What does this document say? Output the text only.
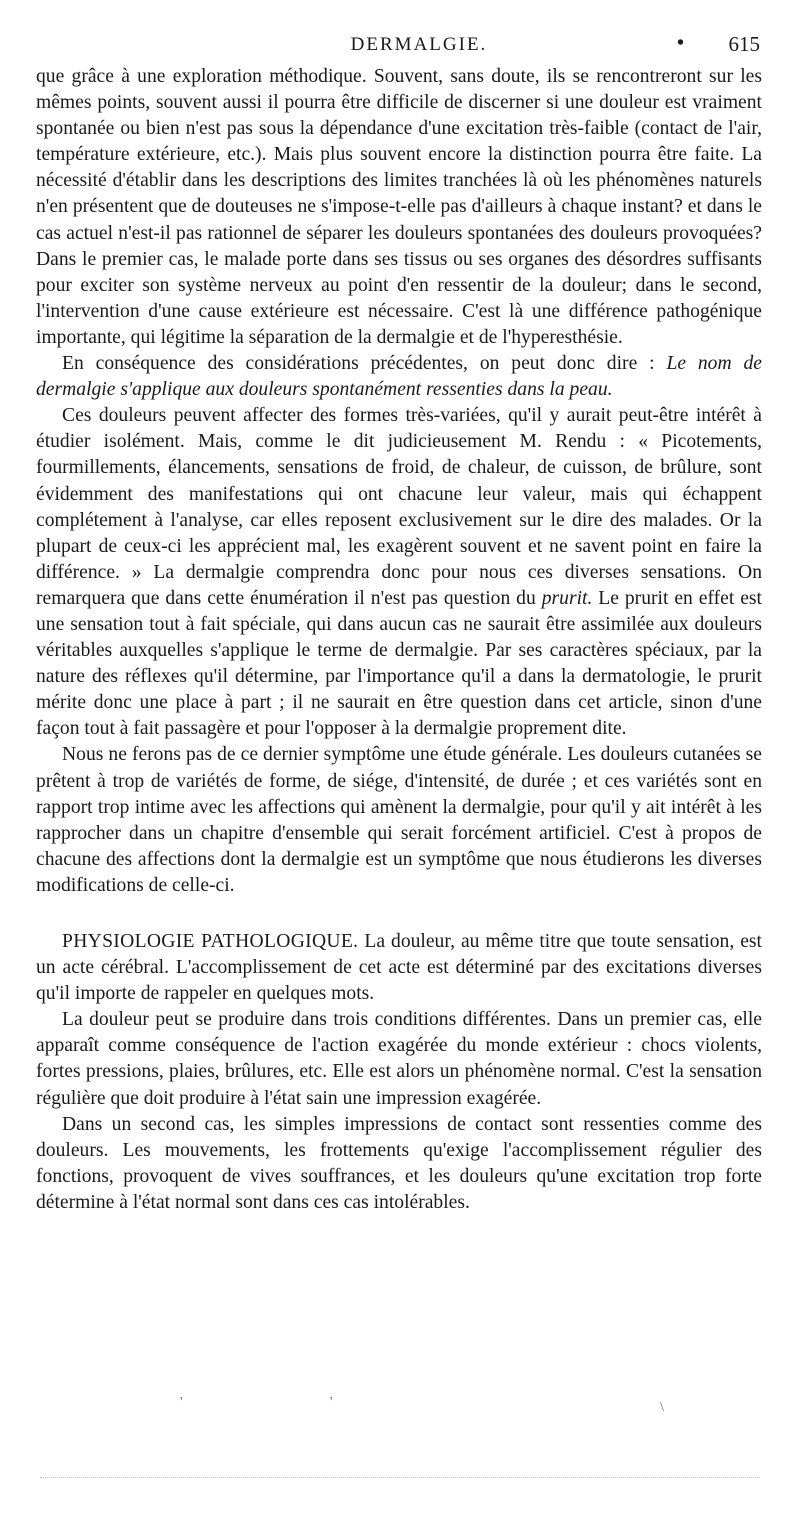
DERMALGIE.	• 615

que grâce à une exploration méthodique. Souvent, sans doute, ils se rencontreront sur les mêmes points, souvent aussi il pourra être difficile de discerner si une douleur est vraiment spontanée ou bien n'est pas sous la dépendance d'une excitation très-faible (contact de l'air, température extérieure, etc.). Mais plus souvent encore la distinction pourra être faite. La nécessité d'établir dans les descriptions des limites tranchées là où les phénomènes naturels n'en présentent que de douteuses ne s'impose-t-elle pas d'ailleurs à chaque instant? et dans le cas actuel n'est-il pas rationnel de séparer les douleurs spontanées des douleurs provoquées? Dans le premier cas, le malade porte dans ses tissus ou ses organes des désordres suffisants pour exciter son système nerveux au point d'en ressentir de la douleur; dans le second, l'intervention d'une cause extérieure est nécessaire. C'est là une différence pathogénique importante, qui légitime la séparation de la dermalgie et de l'hyperesthésie.

En conséquence des considérations précédentes, on peut donc dire : Le nom de dermalgie s'applique aux douleurs spontanément ressenties dans la peau.

Ces douleurs peuvent affecter des formes très-variées, qu'il y aurait peut-être intérêt à étudier isolément. Mais, comme le dit judicieusement M. Rendu : « Picotements, fourmillements, élancements, sensations de froid, de chaleur, de cuisson, de brûlure, sont évidemment des manifestations qui ont chacune leur valeur, mais qui échappent complétement à l'analyse, car elles reposent exclusivement sur le dire des malades. Or la plupart de ceux-ci les apprécient mal, les exagèrent souvent et ne savent point en faire la différence. » La dermalgie comprendra donc pour nous ces diverses sensations. On remarquera que dans cette énumération il n'est pas question du prurit. Le prurit en effet est une sensation tout à fait spéciale, qui dans aucun cas ne saurait être assimilée aux douleurs véritables auxquelles s'applique le terme de dermalgie. Par ses caractères spéciaux, par la nature des réflexes qu'il détermine, par l'importance qu'il a dans la dermatologie, le prurit mérite donc une place à part ; il ne saurait en être question dans cet article, sinon d'une façon tout à fait passagère et pour l'opposer à la dermalgie proprement dite.

Nous ne ferons pas de ce dernier symptôme une étude générale. Les douleurs cutanées se prêtent à trop de variétés de forme, de siége, d'intensité, de durée ; et ces variétés sont en rapport trop intime avec les affections qui amènent la dermalgie, pour qu'il y ait intérêt à les rapprocher dans un chapitre d'ensemble qui serait forcément artificiel. C'est à propos de chacune des affections dont la dermalgie est un symptôme que nous étudierons les diverses modifications de celle-ci.

PHYSIOLOGIE PATHOLOGIQUE. La douleur, au même titre que toute sensation, est un acte cérébral. L'accomplissement de cet acte est déterminé par des excitations diverses qu'il importe de rappeler en quelques mots.

La douleur peut se produire dans trois conditions différentes. Dans un premier cas, elle apparaît comme conséquence de l'action exagérée du monde extérieur : chocs violents, fortes pressions, plaies, brûlures, etc. Elle est alors un phénomène normal. C'est la sensation régulière que doit produire à l'état sain une impression exagérée.

Dans un second cas, les simples impressions de contact sont ressenties comme des douleurs. Les mouvements, les frottements qu'exige l'accomplissement régulier des fonctions, provoquent de vives souffrances, et les douleurs qu'une excitation trop forte détermine à l'état normal sont dans ces cas intolérables.

'	'	\
